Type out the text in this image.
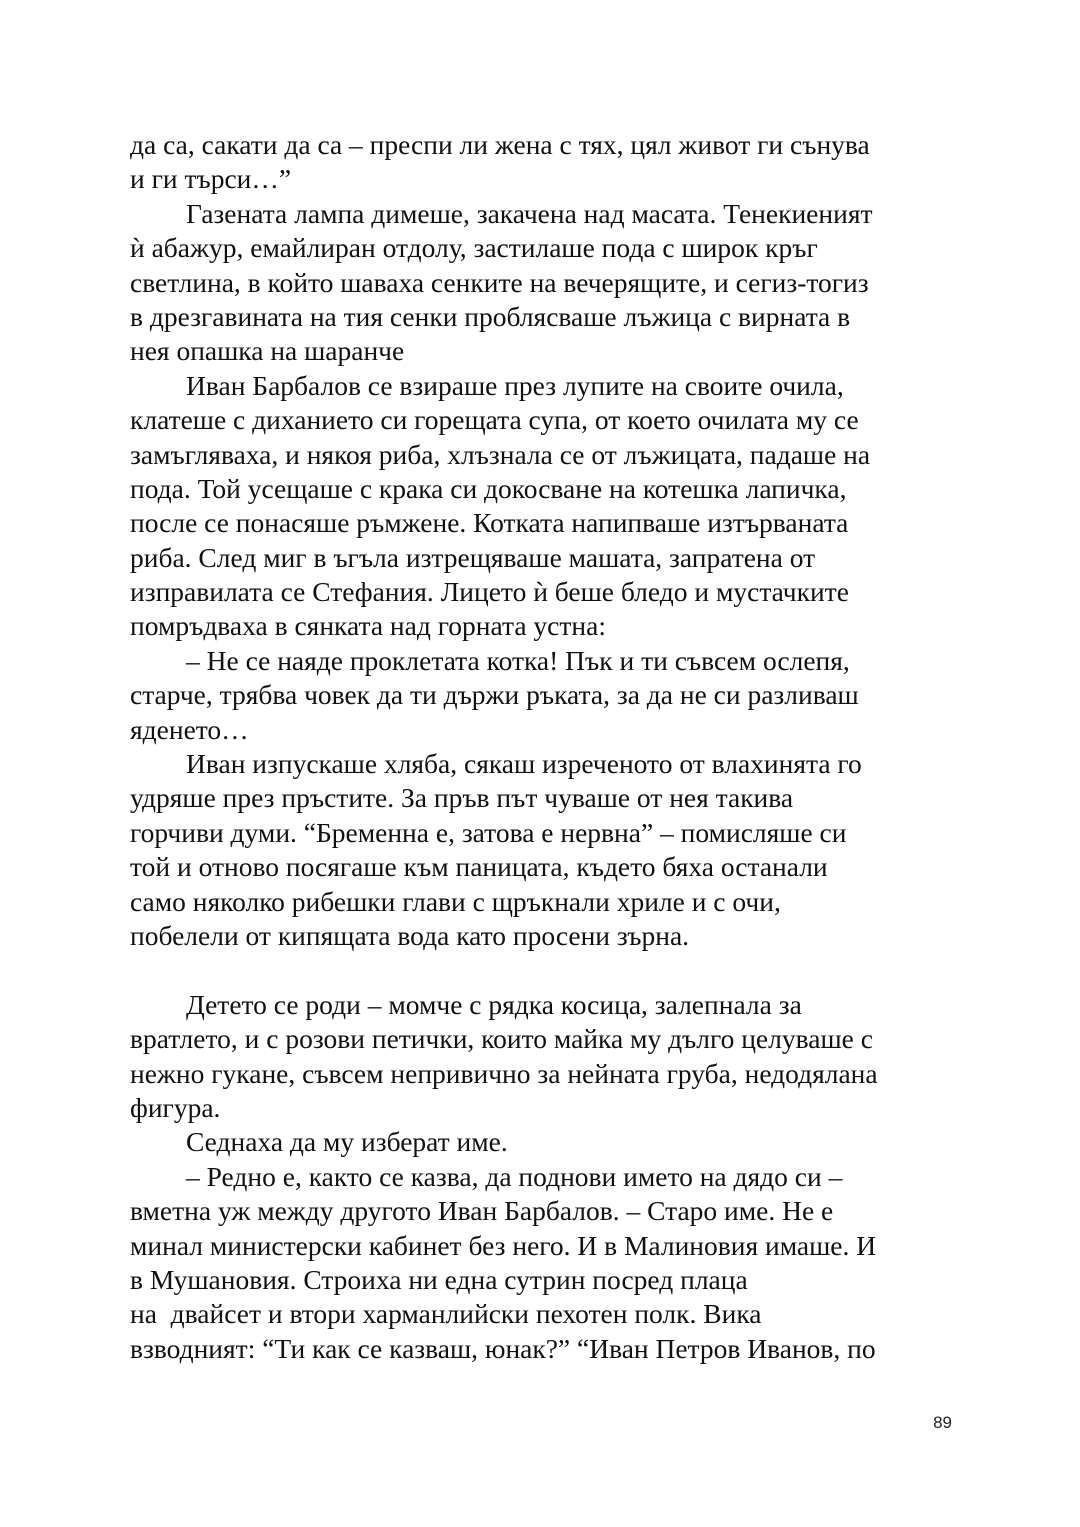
да са, сакати да са – преспи ли жена с тях, цял живот ги сънува
и ги търси…”
Газената лампа димеше, закачена над масата. Тенекиеният
ѝ абажур, емайлиран отдолу, застилаше пода с широк кръг
светлина, в който шаваха сенките на вечерящите, и сегиз-тогиз
в дрезгавината на тия сенки проблясваше лъжица с вирната в
нея опашка на шаранче
Иван Барбалов се взираше през лупите на своите очила,
клатеше с диханието си горещата супа, от което очилата му се
замъгляваха, и някоя риба, хлъзнала се от лъжицата, падаше на
пода. Той усещаше с крака си докосване на котешка лапичка,
после се понасяше ръмжене. Котката напипваше изтърваната
риба. След миг в ъгъла изтрещяваше машата, запратена от
изправилата се Стефания. Лицето ѝ беше бледо и мустачките
помръдваха в сянката над горната устна:
– Не се наяде проклетата котка! Пък и ти съвсем ослепя,
старче, трябва човек да ти държи ръката, за да не си разливаш
яденето…
Иван изпускаше хляба, сякаш изреченото от влахинята го
удряше през пръстите. За пръв път чуваше от нея такива
горчиви думи. “Бременна е, затова е нервна” – помисляше си
той и отново посягаше към паницата, където бяха останали
само няколко рибешки глави с щръкнали хриле и с очи,
побелели от кипящата вода като просени зърна.
Детето се роди – момче с рядка косица, залепнала за
вратлето, и с розови петички, които майка му дълго целуваше с
нежно гукане, съвсем непривично за нейната груба, недодялана
фигура.
Седнаха да му изберат име.
– Редно е, както се казва, да поднови името на дядо си –
вметна уж между другото Иван Барбалов. – Старо име. Не е
минал министерски кабинет без него. И в Малиновия имаше. И
в Мушановия. Строиха ни една сутрин посред плаца
на  двайсет и втори харманлийски пехотен полк. Вика
взводният: “Ти как се казваш, юнак?” “Иван Петров Иванов, по
89
